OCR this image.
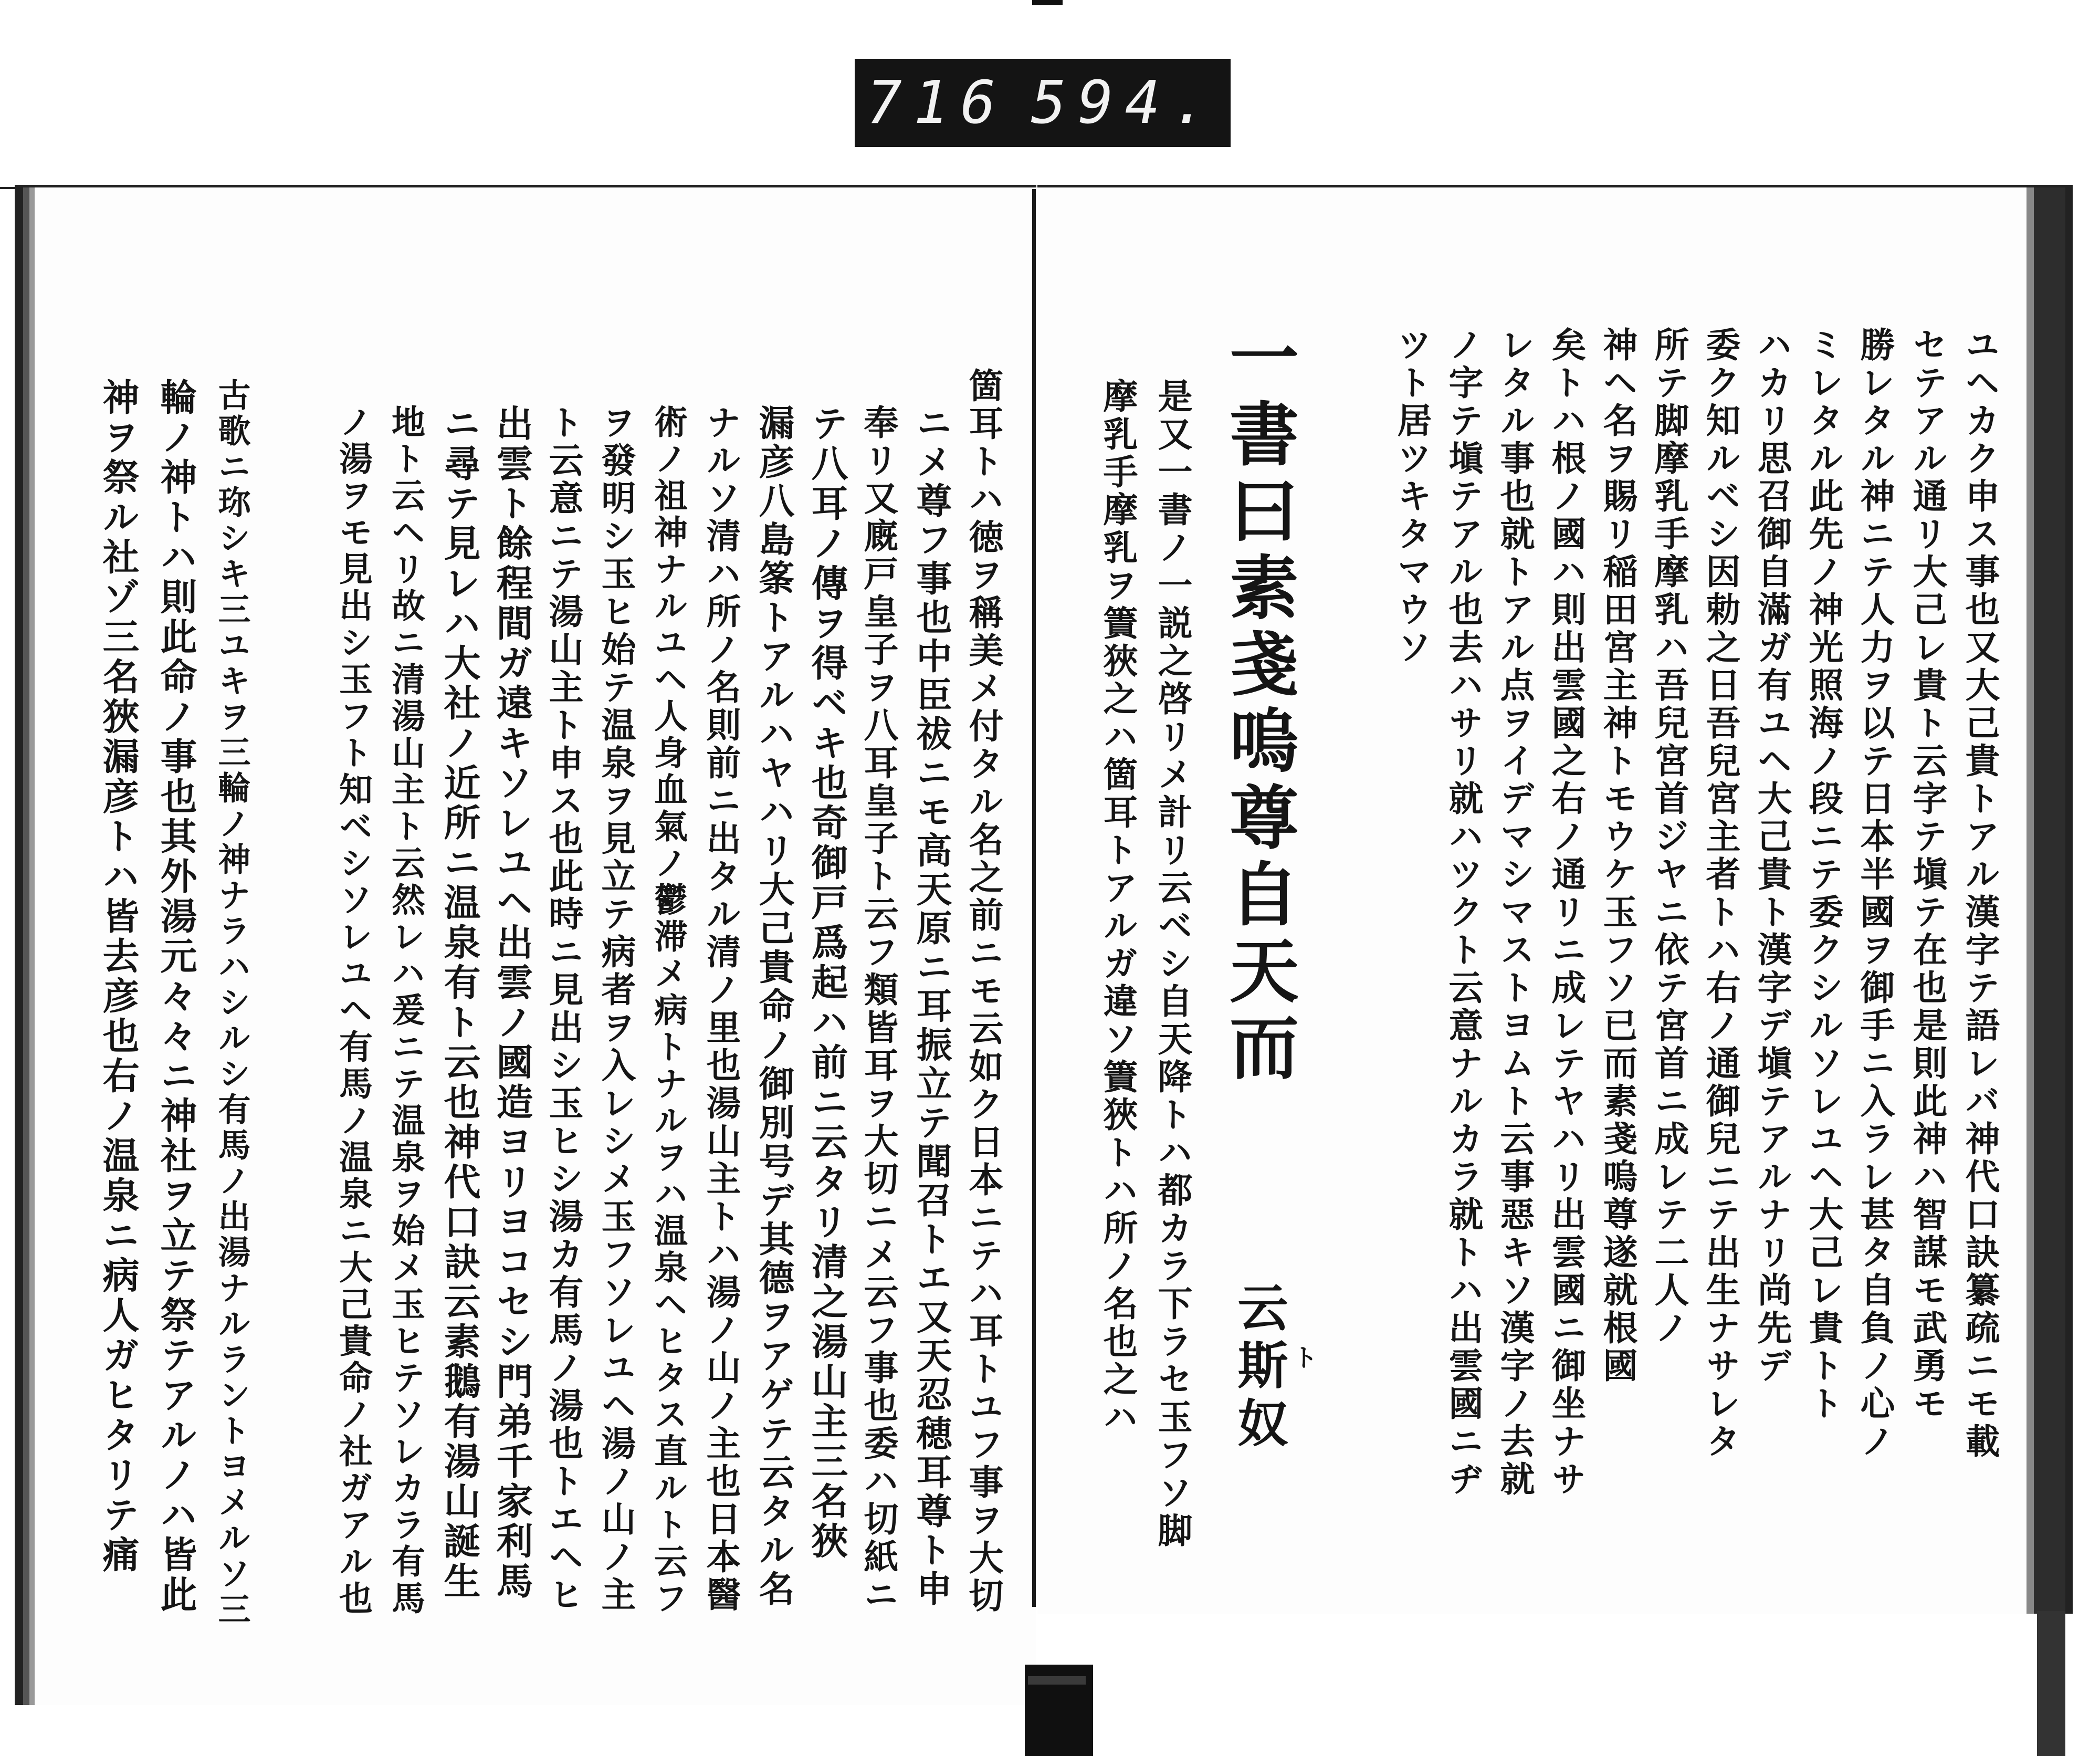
716 594.
ユヘカク申ス事也又大己貴トアル漢字テ語レバ神代口訣纂疏ニモ載
セテアル通リ大己レ貴ト云字テ塡テ在也是則此神ハ智謀モ武勇モ
勝レタル神ニテ人力ヲ以テ日本半國ヲ御手ニ入ラレ甚タ自負ノ心ノ
ミレタル此先ノ神光照海ノ段ニテ委クシルソレユヘ大己レ貴トト
ハカリ思召御自滿ガ有ユヘ大己貴ト漢字デ塡テアルナリ尚先デ
委ク知ルベシ因勅之日吾兒宮主者トハ右ノ通御兒ニテ出生ナサレタ
所テ脚摩乳手摩乳ハ吾兒宮首ジヤニ依テ宮首ニ成レテ二人ノ
神ヘ名ヲ賜リ稲田宮主神トモウケ玉フソ已而素戔嗚尊遂就根國
矣トハ根ノ國ハ則出雲國之右ノ通リニ成レテヤハリ出雲國ニ御坐ナサ
レタル事也就トアル点ヲイデマシマストヨムト云事惡キソ漢字ノ去就
ノ字テ塡テアル也去ハサリ就ハツクト云意ナルカラ就トハ出雲國ニヂ
ツト居ツキタマウソ
一書曰素戔嗚尊自天而
云斯奴 ト
是又一書ノ一説之啓リメ計リ云ベシ自天降トハ都カラ下ラセ玉フソ脚
摩乳手摩乳ヲ簀狹之ハ箇耳トアルガ違ソ簀狹トハ所ノ名也之ハ
箇耳トハ徳ヲ稱美メ付タル名之前ニモ云如ク日本ニテハ耳トユフ事ヲ大切
ニメ尊フ事也中臣祓ニモ高天原ニ耳振立テ聞召トエ又天忍穂耳尊ト申
奉リ又廐戸皇子ヲ八耳皇子ト云フ類皆耳ヲ大切ニメ云フ事也委ハ切紙ニ
テ八耳ノ傳ヲ得ベキ也奇御戸爲起ハ前ニ云タリ清之湯山主三名狹
漏彦八島筿トアルハヤハリ大己貴命ノ御別号デ其德ヲアゲテ云タル名
ナルソ清ハ所ノ名則前ニ出タル清ノ里也湯山主トハ湯ノ山ノ主也日本醫
術ノ祖神ナルユヘ人身血氣ノ鬱滞メ病トナルヲハ温泉ヘヒタス直ルト云フ
ヲ發明シ玉ヒ始テ温泉ヲ見立テ病者ヲ入レシメ玉フソレユヘ湯ノ山ノ主
ト云意ニテ湯山主ト申ス也此時ニ見出シ玉ヒシ湯カ有馬ノ湯也トエヘヒ
出雲ト餘程間ガ遠キソレユヘ出雲ノ國造ヨリヨコセシ門弟千家利馬
ニ尋テ見レハ大社ノ近所ニ温泉有ト云也神代口訣云素鵝有湯山誕生
地ト云ヘリ故ニ清湯山主ト云然レハ爰ニテ温泉ヲ始メ玉ヒテソレカラ有馬
ノ湯ヲモ見出シ玉フト知ベシソレユヘ有馬ノ温泉ニ大己貴命ノ社ガアル也
古歌ニ珎シキ三ユキヲ三輪ノ神ナラハシルシ有馬ノ出湯ナルラントヨメルソ三
輪ノ神トハ則此命ノ事也其外湯元々々ニ神社ヲ立テ祭テアルノハ皆此
神ヲ祭ル社ゾ三名狹漏彦トハ皆去彦也右ノ温泉ニ病人ガヒタリテ痛
